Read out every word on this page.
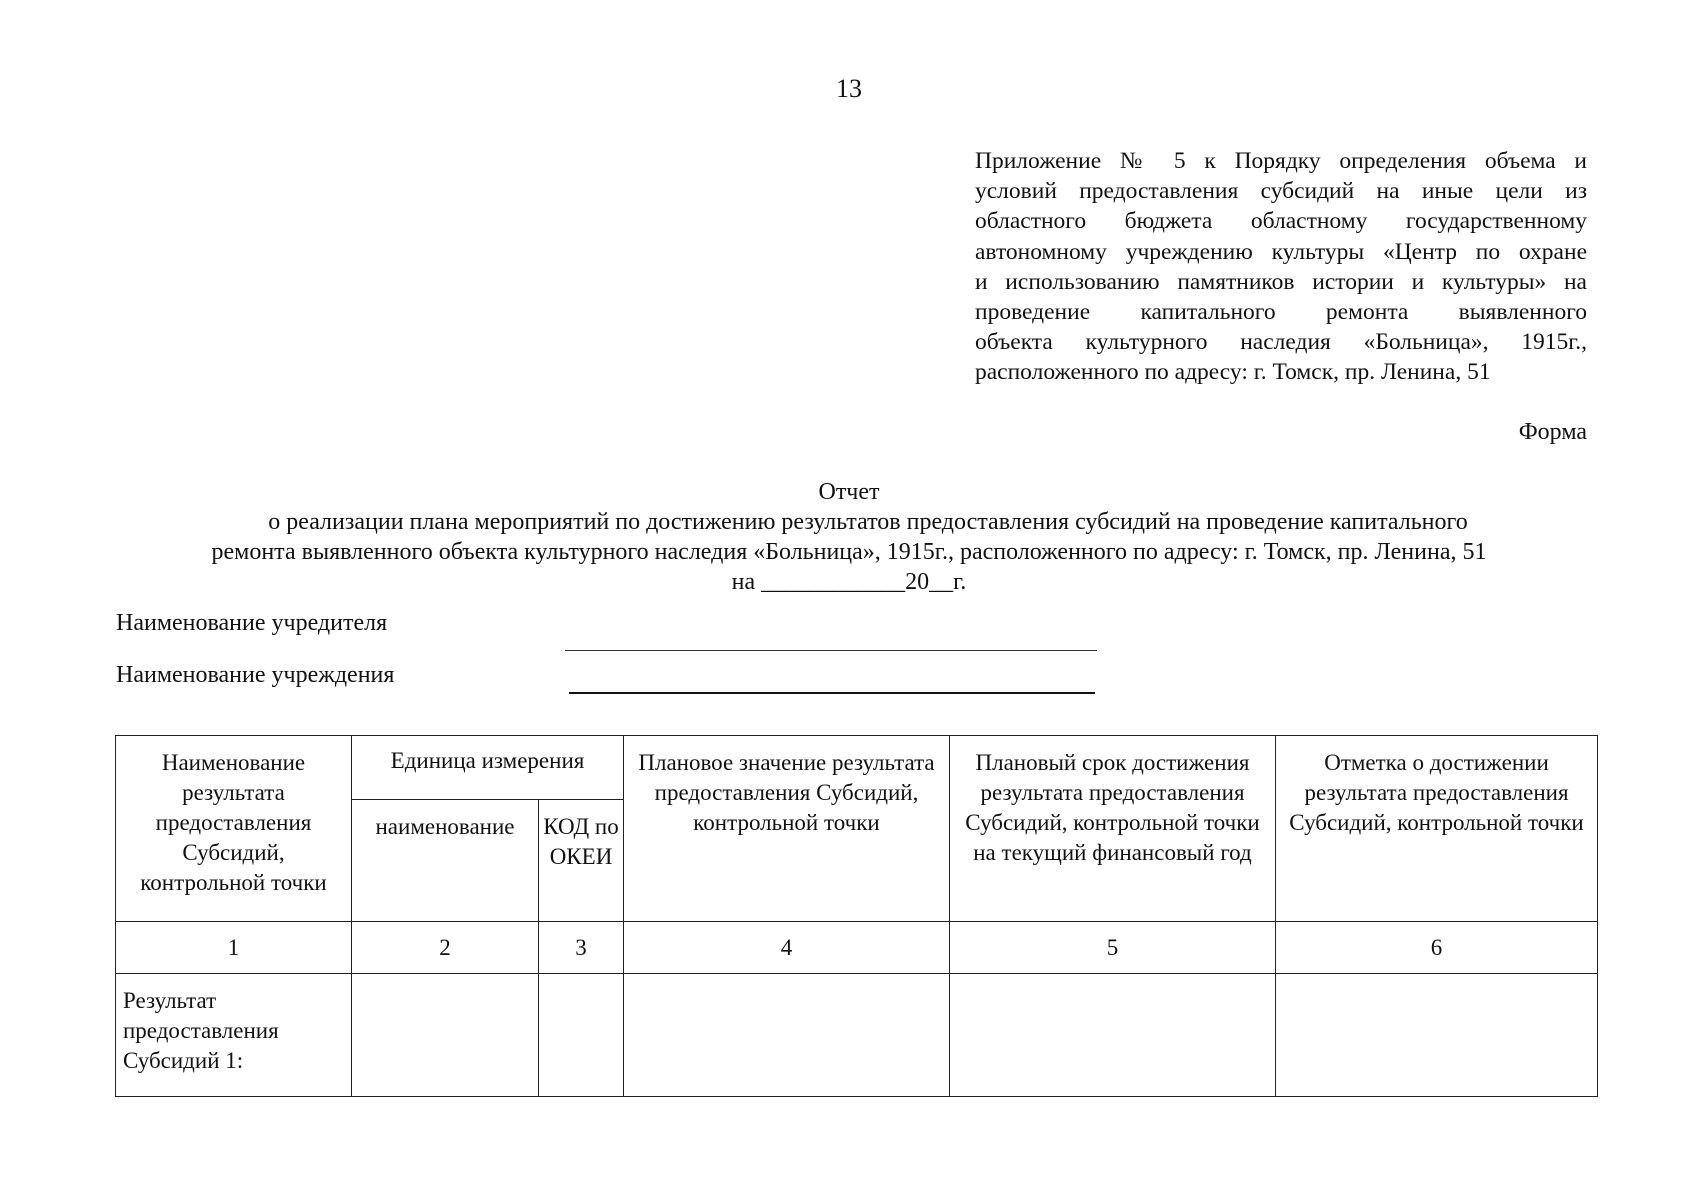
13
Приложение № 5 к Порядку определения объема и
условий предоставления субсидий на иные цели из
областного бюджета областному государственному
автономному учреждению культуры «Центр по охране
и использованию памятников истории и культуры» на
проведение капитального ремонта выявленного
объекта культурного наследия «Больница», 1915г.,
расположенного по адресу: г. Томск, пр. Ленина, 51
Форма
Отчет
о реализации плана мероприятий по достижению результатов предоставления субсидий на проведение капитального
ремонта выявленного объекта культурного наследия «Больница», 1915г., расположенного по адресу: г. Томск, пр. Ленина, 51
на ____________20__г.
Наименование учредителя
Наименование учреждения
Наименование результата предоставления Субсидий, контрольной точки	Единица измерения		Плановое значение результата предоставления Субсидий, контрольной точки	Плановый срок достижения результата предоставления Субсидий, контрольной точки на текущий финансовый год	Отметка о достижении результата предоставления Субсидий, контрольной точки
	наименование	КОД по ОКЕИ			
1	2	3	4	5	6
Результат предоставления Субсидий 1:					
